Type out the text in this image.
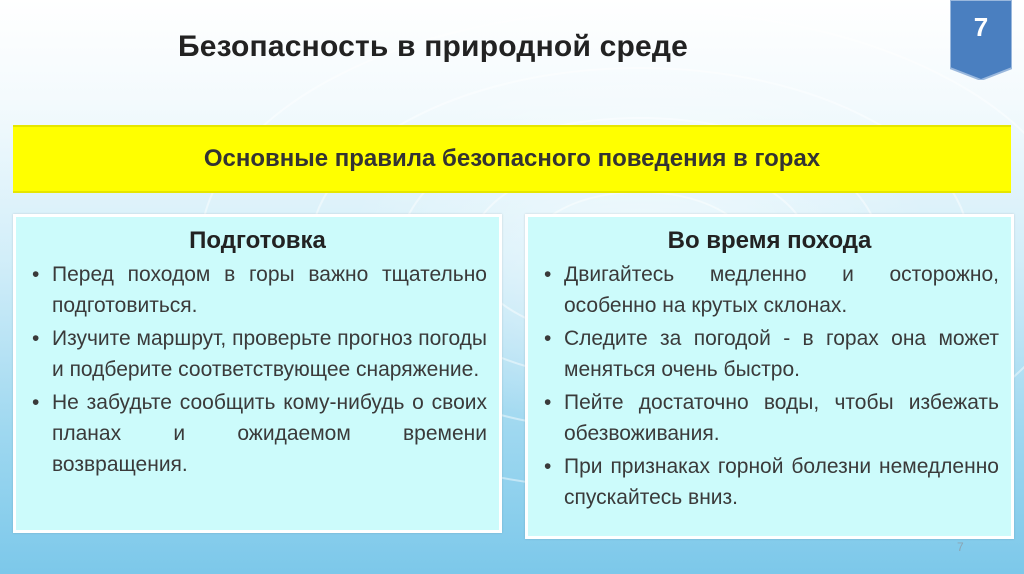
Безопасность в природной среде
7
Основные правила безопасного поведения в горах
Подготовка
• Перед походом в горы важно тщательно подготовиться.
• Изучите маршрут, проверьте прогноз погоды и подберите соответствующее снаряжение.
• Не забудьте сообщить кому-нибудь о своих планах и ожидаемом времени возвращения.
Во время похода
• Двигайтесь медленно и осторожно, особенно на крутых склонах.
• Следите за погодой - в горах она может меняться очень быстро.
• Пейте достаточно воды, чтобы избежать обезвоживания.
• При признаках горной болезни немедленно спускайтесь вниз.
7
